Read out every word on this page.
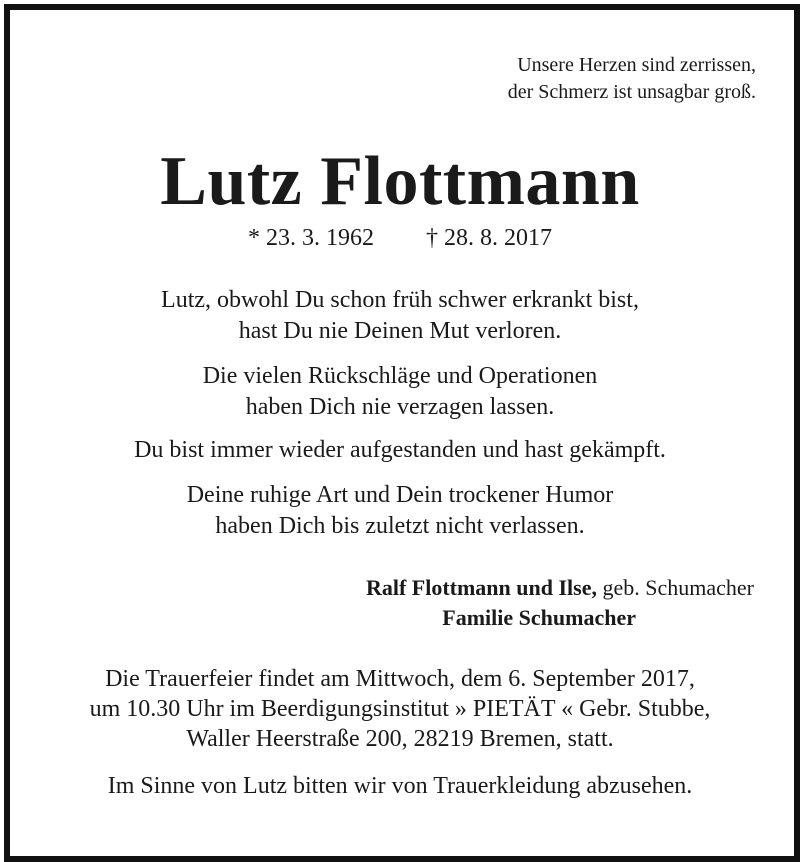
Unsere Herzen sind zerrissen,
der Schmerz ist unsagbar groß.
Lutz Flottmann
* 23. 3. 1962 † 28. 8. 2017

Lutz, obwohl Du schon früh schwer erkrankt bist,

hast Du nie Deinen Mut verloren.

Die vielen Rückschläge und Operationen

haben Dich nie verzagen lassen.

Du bist immer wieder aufgestanden und hast gekämpft.

Deine ruhige Art und Dein trockener Humor

haben Dich bis zuletzt nicht verlassen.

Ralf Flottmann und Ilse, geb. Schumacher
Familie Schumacher

Die Trauerfeier findet am Mittwoch, dem 6. September 2017,

um 10.30 Uhr im Beerdigungsinstitut » PIETÄT « Gebr. Stubbe,

Waller Heerstraße 200, 28219 Bremen, statt.

Im Sinne von Lutz bitten wir von Trauerkleidung abzusehen.
